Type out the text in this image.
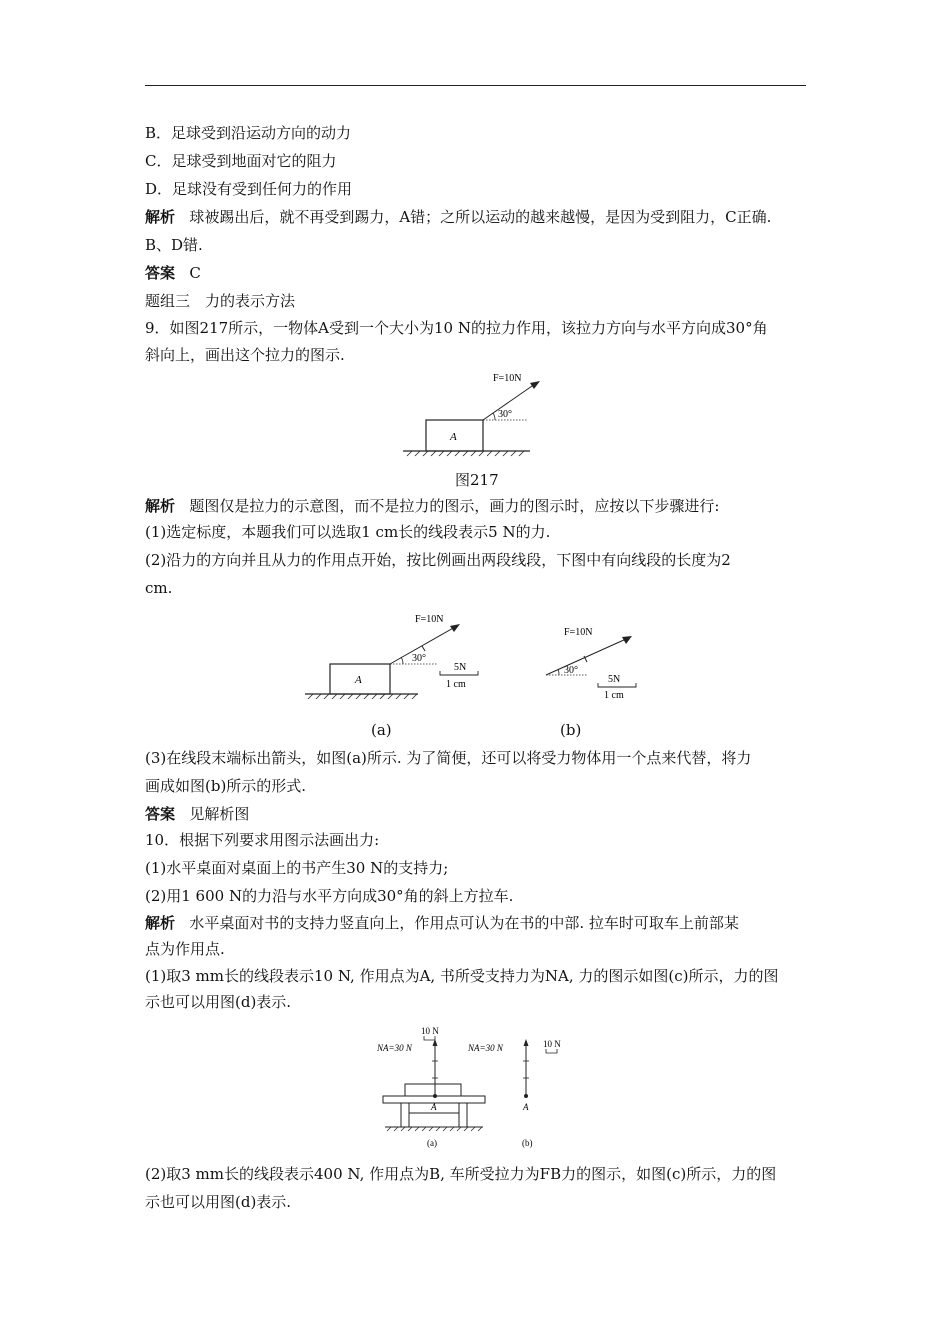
B．足球受到沿运动方向的动力
C．足球受到地面对它的阻力
D．足球没有受到任何力的作用
解析 球被踢出后，就不再受到踢力，A错；之所以运动的越来越慢，是因为受到阻力，C正确.
B、D错.
答案 C
题组三　力的表示方法
9．如图217所示，一物体A受到一个大小为10 N的拉力作用，该拉力方向与水平方向成30°角
斜向上，画出这个拉力的图示.
A
30°
F=10N
图217
解析 题图仅是拉力的示意图，而不是拉力的图示，画力的图示时，应按以下步骤进行:
(1)选定标度，本题我们可以选取1 cm长的线段表示5 N的力.
(2)沿力的方向并且从力的作用点开始，按比例画出两段线段，下图中有向线段的长度为2
cm.
A
30°
F=10N
5N
1 cm
30°
F=10N
5N
1 cm
(a)	(b)
(3)在线段末端标出箭头，如图(a)所示. 为了简便，还可以将受力物体用一个点来代替，将力
画成如图(b)所示的形式.
答案 见解析图
10．根据下列要求用图示法画出力:
(1)水平桌面对桌面上的书产生30 N的支持力;
(2)用1 600 N的力沿与水平方向成30°角的斜上方拉车.
解析 水平桌面对书的支持力竖直向上，作用点可认为在书的中部. 拉车时可取车上前部某
点为作用点.
(1)取3 mm长的线段表示10 N, 作用点为A, 书所受支持力为NA, 力的图示如图(c)所示，力的图
示也可以用图(d)表示.
10 N
NA=30 N
A
(a)
NA=30 N
A
10 N
(b)
(2)取3 mm长的线段表示400 N, 作用点为B, 车所受拉力为FB力的图示，如图(c)所示，力的图
示也可以用图(d)表示.
